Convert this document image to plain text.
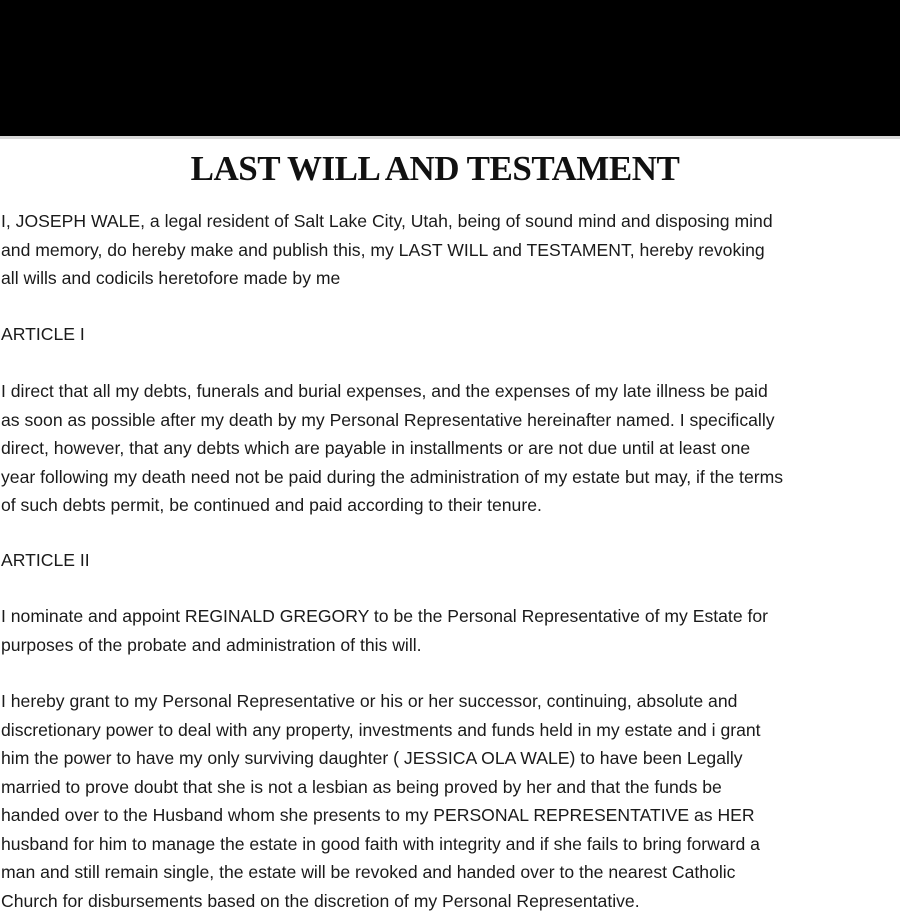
LAST WILL AND TESTAMENT

I, JOSEPH WALE, a legal resident of Salt Lake City, Utah, being of sound mind and disposing mind
and memory, do hereby make and publish this, my LAST WILL and TESTAMENT, hereby revoking
all wills and codicils heretofore made by me

ARTICLE I

I direct that all my debts, funerals and burial expenses, and the expenses of my late illness be paid
as soon as possible after my death by my Personal Representative hereinafter named. I specifically
direct, however, that any debts which are payable in installments or are not due until at least one
year following my death need not be paid during the administration of my estate but may, if the terms
of such debts permit, be continued and paid according to their tenure.

ARTICLE II

I nominate and appoint REGINALD GREGORY to be the Personal Representative of my Estate for
purposes of the probate and administration of this will.

I hereby grant to my Personal Representative or his or her successor, continuing, absolute and
discretionary power to deal with any property, investments and funds held in my estate and i grant
him the power to have my only surviving daughter ( JESSICA OLA WALE) to have been Legally
married to prove doubt that she is not a lesbian as being proved by her and that the funds be
handed over to the Husband whom she presents to my PERSONAL REPRESENTATIVE as HER
husband for him to manage the estate in good faith with integrity and if she fails to bring forward a
man and still remain single, the estate will be revoked and handed over to the nearest Catholic
Church for disbursements based on the discretion of my Personal Representative.
